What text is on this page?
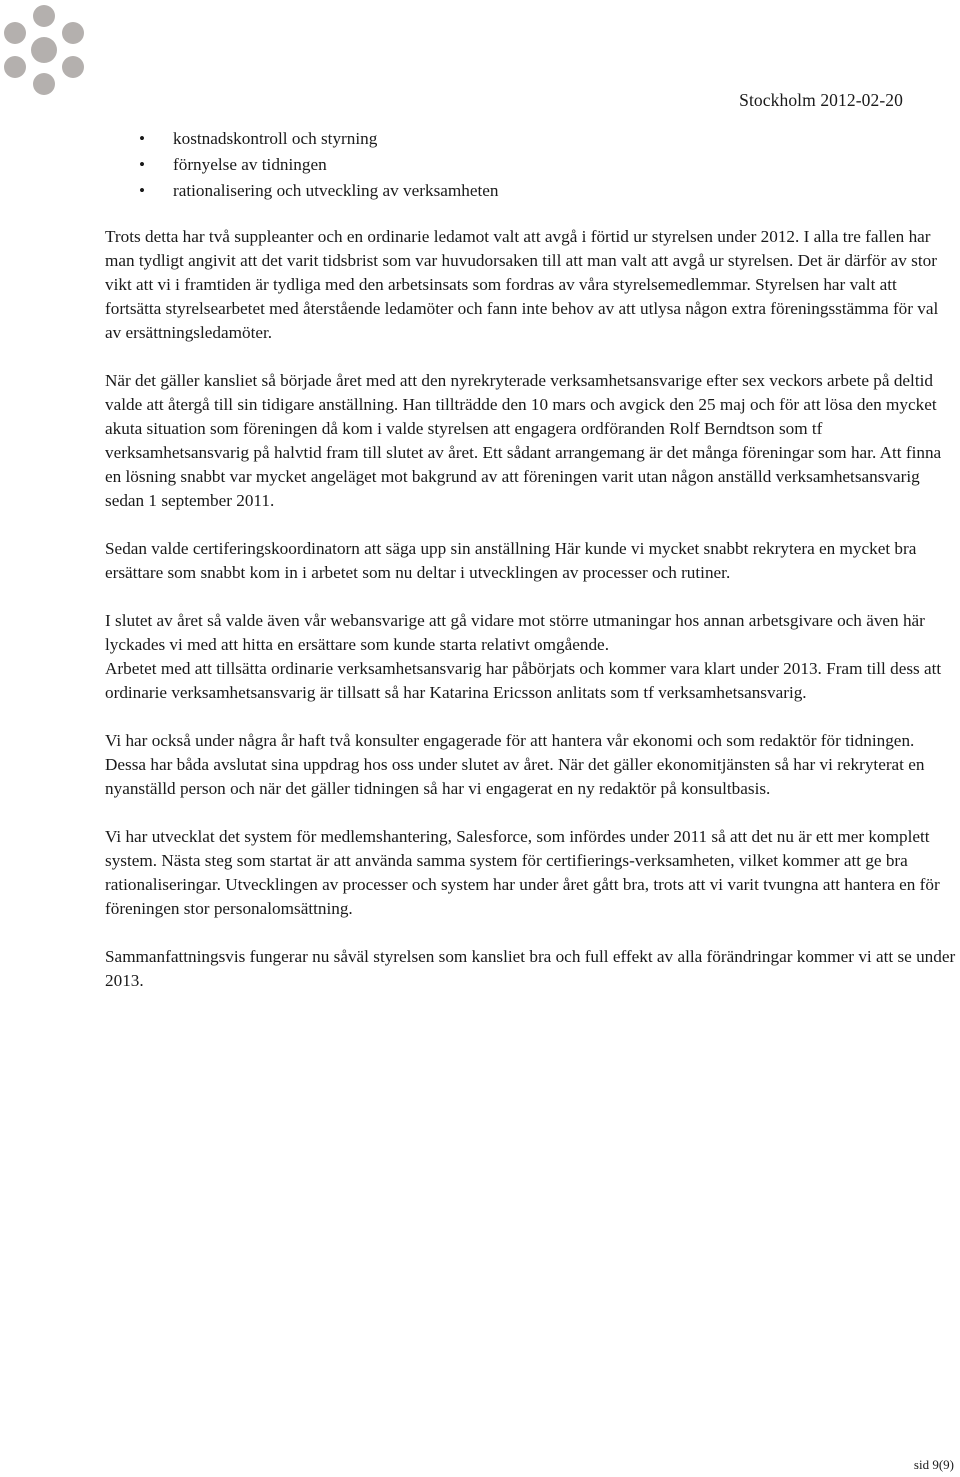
Stockholm 2012-02-20
• kostnadskontroll och styrning
• förnyelse av tidningen
• rationalisering och utveckling av verksamheten

Trots detta har två suppleanter och en ordinarie ledamot valt att avgå i förtid ur styrelsen under 2012. I alla tre fallen har man tydligt angivit att det varit tidsbrist som var huvudorsaken till att man valt att avgå ur styrelsen. Det är därför av stor vikt att vi i framtiden är tydliga med den arbetsinsats som fordras av våra styrelsemedlemmar. Styrelsen har valt att fortsätta styrelsearbetet med återstående ledamöter och fann inte behov av att utlysa någon extra föreningsstämma för val av ersättningsledamöter.

När det gäller kansliet så började året med att den nyrekryterade verksamhetsansvarige efter sex veckors arbete på deltid valde att återgå till sin tidigare anställning. Han tillträdde den 10 mars och avgick den 25 maj och för att lösa den mycket akuta situation som föreningen då kom i valde styrelsen att engagera ordföranden Rolf Berndtson som tf verksamhetsansvarig på halvtid fram till slutet av året. Ett sådant arrangemang är det många föreningar som har. Att finna en lösning snabbt var mycket angeläget mot bakgrund av att föreningen varit utan någon anställd verksamhetsansvarig sedan 1 september 2011.

Sedan valde certiferingskoordinatorn att säga upp sin anställning Här kunde vi mycket snabbt rekrytera en mycket bra ersättare som snabbt kom in i arbetet som nu deltar i utvecklingen av processer och rutiner.

I slutet av året så valde även vår webansvarige att gå vidare mot större utmaningar hos annan arbetsgivare och även här lyckades vi med att hitta en ersättare som kunde starta relativt omgående.

Arbetet med att tillsätta ordinarie verksamhetsansvarig har påbörjats och kommer vara klart under 2013. Fram till dess att ordinarie verksamhetsansvarig är tillsatt så har Katarina Ericsson anlitats som tf verksamhetsansvarig.

Vi har också under några år haft två konsulter engagerade för att hantera vår ekonomi och som redaktör för tidningen. Dessa har båda avslutat sina uppdrag hos oss under slutet av året. När det gäller ekonomitjänsten så har vi rekryterat en nyanställd person och när det gäller tidningen så har vi engagerat en ny redaktör på konsultbasis.

Vi har utvecklat det system för medlemshantering, Salesforce, som infördes under 2011 så att det nu är ett mer komplett system. Nästa steg som startat är att använda samma system för certifierings-verksamheten, vilket kommer att ge bra rationaliseringar. Utvecklingen av processer och system har under året gått bra, trots att vi varit tvungna att hantera en för föreningen stor personalomsättning.

Sammanfattningsvis fungerar nu såväl styrelsen som kansliet bra och full effekt av alla förändringar kommer vi att se under 2013.

sid 9(9)
